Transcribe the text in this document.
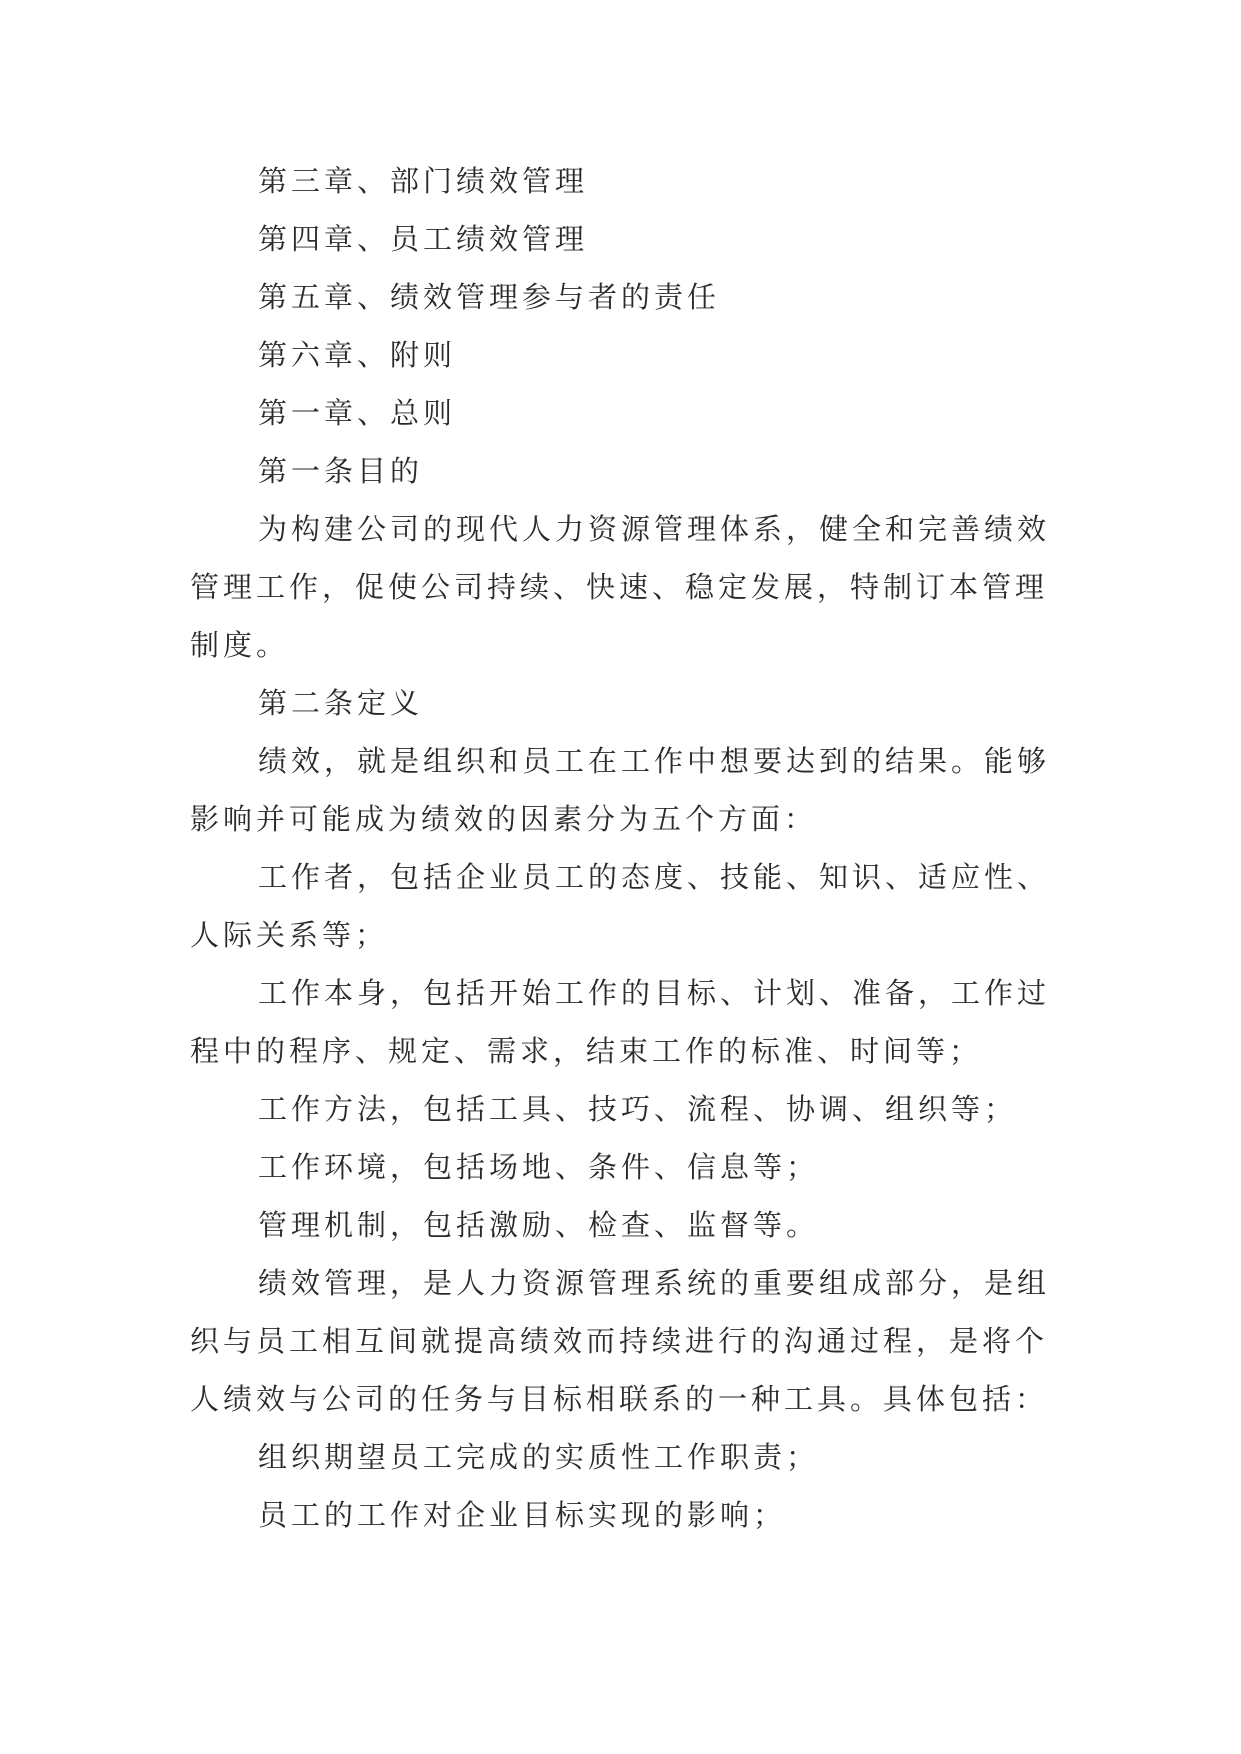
第三章、部门绩效管理
第四章、员工绩效管理
第五章、绩效管理参与者的责任
第六章、附则
第一章、总则
第一条目的
为构建公司的现代人力资源管理体系，健全和完善绩效
管理工作，促使公司持续、快速、稳定发展，特制订本管理
制度。
第二条定义
绩效，就是组织和员工在工作中想要达到的结果。能够
影响并可能成为绩效的因素分为五个方面：
工作者，包括企业员工的态度、技能、知识、适应性、
人际关系等；
工作本身，包括开始工作的目标、计划、准备，工作过
程中的程序、规定、需求，结束工作的标准、时间等；
工作方法，包括工具、技巧、流程、协调、组织等；
工作环境，包括场地、条件、信息等；
管理机制，包括激励、检查、监督等。
绩效管理，是人力资源管理系统的重要组成部分，是组
织与员工相互间就提高绩效而持续进行的沟通过程，是将个
人绩效与公司的任务与目标相联系的一种工具。具体包括：
组织期望员工完成的实质性工作职责；
员工的工作对企业目标实现的影响；
